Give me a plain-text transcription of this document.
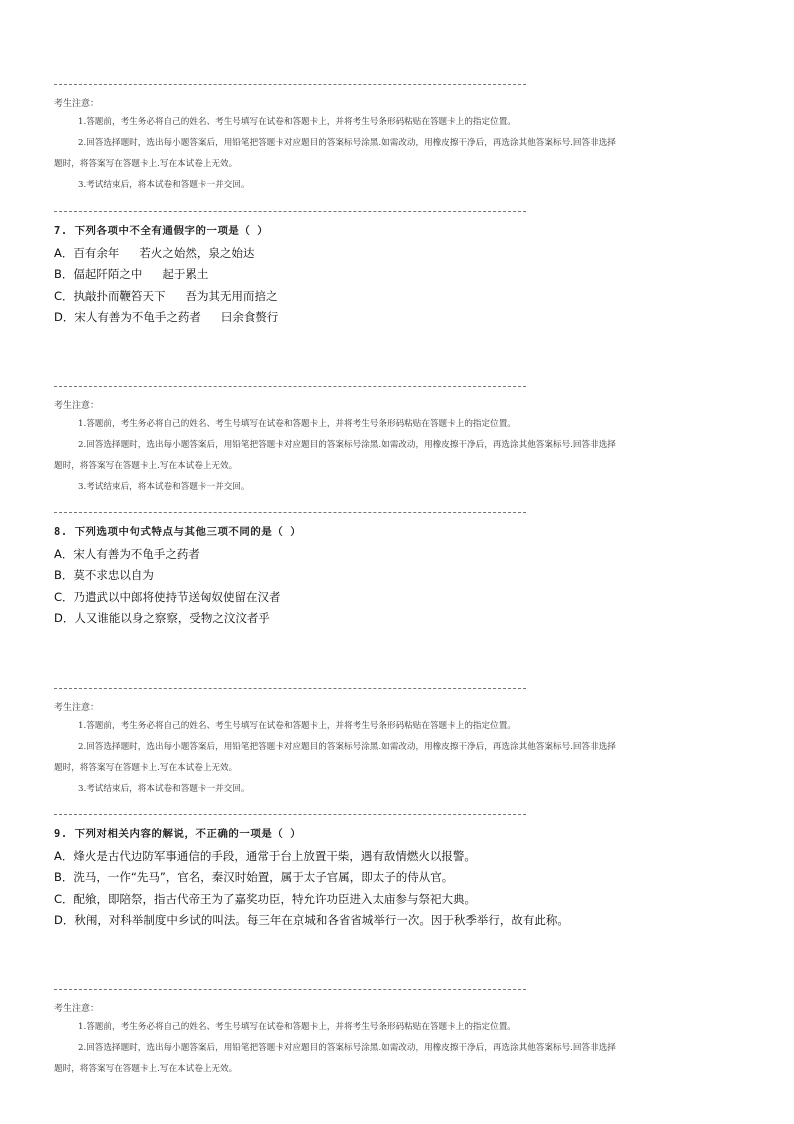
考生注意：
1.答题前，考生务必将自己的姓名、考生号填写在试卷和答题卡上，并将考生号条形码粘贴在答题卡上的指定位置。
2.回答选择题时，选出每小题答案后，用铅笔把答题卡对应题目的答案标号涂黑.如需改动，用橡皮擦干净后，再选涂其他答案标号.回答非选择
题时，将答案写在答题卡上.写在本试卷上无效。
3.考试结束后，将本试卷和答题卡一并交回。
7. 下列各项中不全有通假字的一项是（ ）
A．百有余年 若火之始然，泉之始达
B．偪起阡陌之中 起于累土
C．执敲扑而鞭笞天下 吾为其无用而掊之
D．宋人有善为不龟手之药者 曰余食赘行
考生注意：
1.答题前，考生务必将自己的姓名、考生号填写在试卷和答题卡上，并将考生号条形码粘贴在答题卡上的指定位置。
2.回答选择题时，选出每小题答案后，用铅笔把答题卡对应题目的答案标号涂黑.如需改动，用橡皮擦干净后，再选涂其他答案标号.回答非选择
题时，将答案写在答题卡上.写在本试卷上无效。
3.考试结束后，将本试卷和答题卡一并交回。
8. 下列选项中句式特点与其他三项不同的是（ ）
A．宋人有善为不龟手之药者
B．莫不求忠以自为
C．乃遣武以中郎将使持节送匈奴使留在汉者
D．人又谁能以身之察察，受物之汶汶者乎
考生注意：
1.答题前，考生务必将自己的姓名、考生号填写在试卷和答题卡上，并将考生号条形码粘贴在答题卡上的指定位置。
2.回答选择题时，选出每小题答案后，用铅笔把答题卡对应题目的答案标号涂黑.如需改动，用橡皮擦干净后，再选涂其他答案标号.回答非选择
题时，将答案写在答题卡上.写在本试卷上无效。
3.考试结束后，将本试卷和答题卡一并交回。
9. 下列对相关内容的解说，不正确的一项是（ ）
A．烽火是古代边防军事通信的手段，通常于台上放置干柴，遇有敌情燃火以报警。
B．洗马，一作“先马”，官名，秦汉时始置，属于太子官属，即太子的侍从官。
C．配飨，即陪祭，指古代帝王为了嘉奖功臣，特允许功臣进入太庙参与祭祀大典。
D．秋闱，对科举制度中乡试的叫法。每三年在京城和各省省城举行一次。因于秋季举行，故有此称。
考生注意：
1.答题前，考生务必将自己的姓名、考生号填写在试卷和答题卡上，并将考生号条形码粘贴在答题卡上的指定位置。
2.回答选择题时，选出每小题答案后，用铅笔把答题卡对应题目的答案标号涂黑.如需改动，用橡皮擦干净后，再选涂其他答案标号.回答非选择
题时，将答案写在答题卡上.写在本试卷上无效。
